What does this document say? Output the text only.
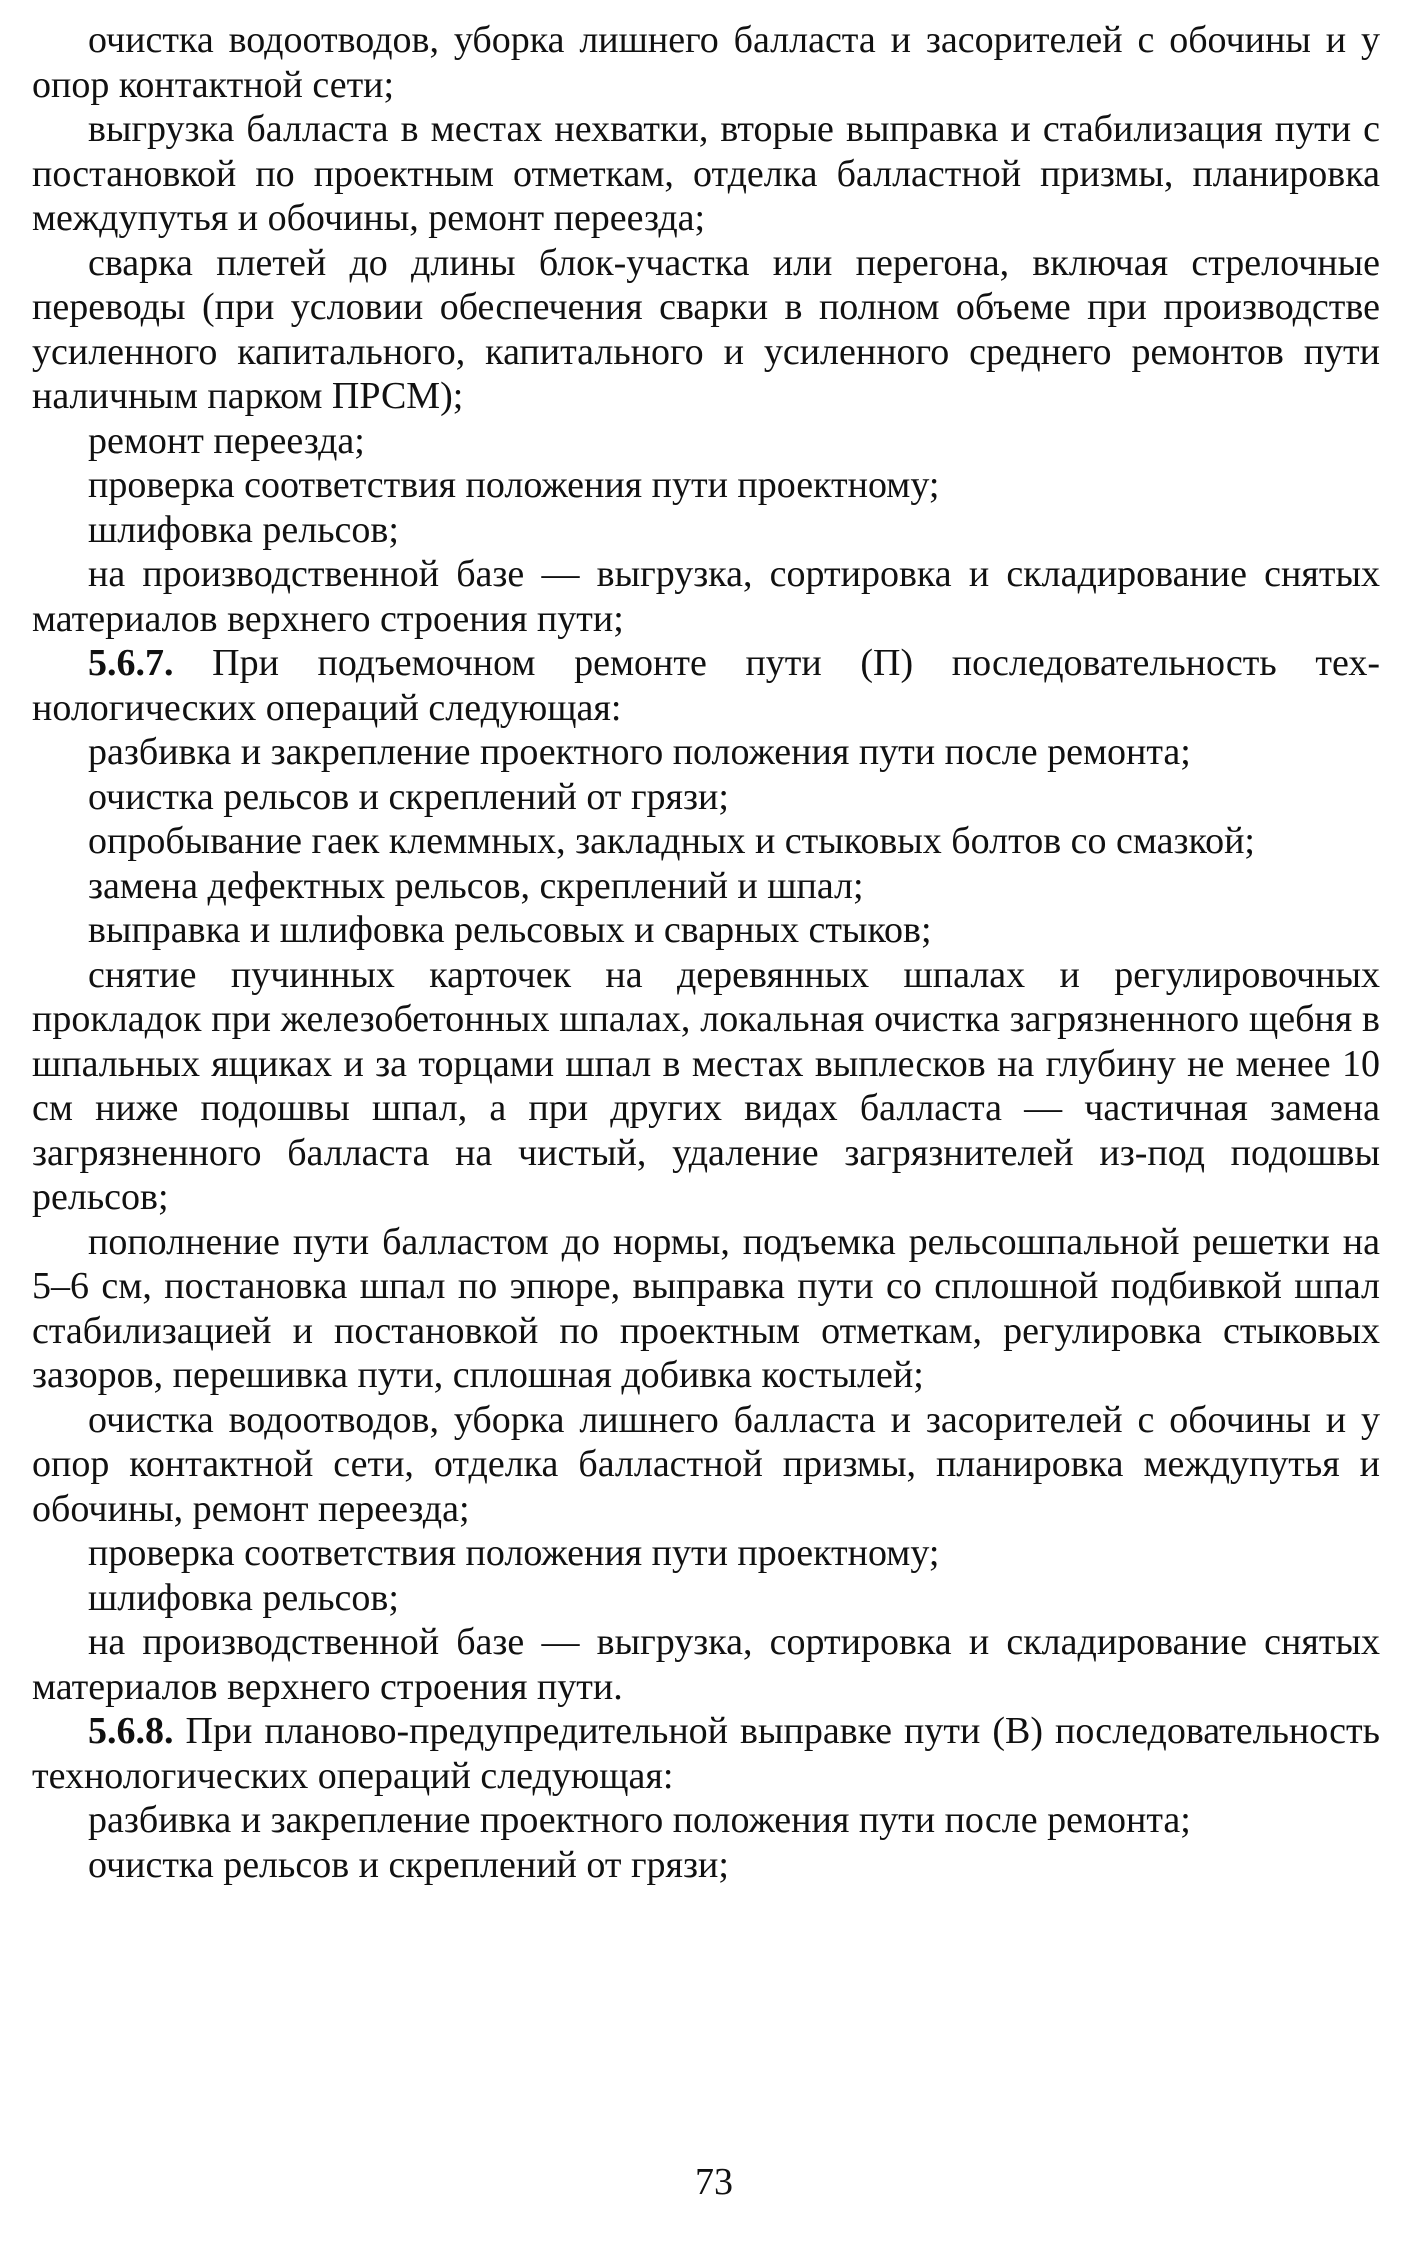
очистка водоотводов, уборка лишнего балласта и засорителей с обочины и у опор контактной сети;

выгрузка балласта в местах нехватки, вторые выправка и стабилизация пути с постановкой по проектным отметкам, отделка балластной призмы, планировка междупутья и обочины, ремонт переезда;

сварка плетей до длины блок-участка или перегона, включая стрелочные переводы (при условии обеспечения сварки в полном объеме при производстве усиленного капитального, капитального и усиленного среднего ремонтов пути наличным парком ПРСМ);

ремонт переезда;

проверка соответствия положения пути проектному;

шлифовка рельсов;

на производственной базе — выгрузка, сортировка и складирование снятых материалов верхнего строения пути;

5.6.7. При подъемочном ремонте пути (П) последовательность технологических операций следующая:

разбивка и закрепление проектного положения пути после ремонта;

очистка рельсов и скреплений от грязи;

опробывание гаек клеммных, закладных и стыковых болтов со смазкой;

замена дефектных рельсов, скреплений и шпал;

выправка и шлифовка рельсовых и сварных стыков;

снятие пучинных карточек на деревянных шпалах и регулировочных прокладок при железобетонных шпалах, локальная очистка загрязненного щебня в шпальных ящиках и за торцами шпал в местах выплесков на глубину не менее 10 см ниже подошвы шпал, а при других видах балласта — частичная замена загрязненного балласта на чистый, удаление загрязнителей из-под подошвы рельсов;

пополнение пути балластом до нормы, подъемка рельсошпальной решетки на 5–6 см, постановка шпал по эпюре, выправка пути со сплошной подбивкой шпал стабилизацией и постановкой по проектным отметкам, регулировка стыковых зазоров, перешивка пути, сплошная добивка костылей;

очистка водоотводов, уборка лишнего балласта и засорителей с обочины и у опор контактной сети, отделка балластной призмы, планировка междупутья и обочины, ремонт переезда;

проверка соответствия положения пути проектному;

шлифовка рельсов;

на производственной базе — выгрузка, сортировка и складирование снятых материалов верхнего строения пути.

5.6.8. При планово-предупредительной выправке пути (В) последовательность технологических операций следующая:

разбивка и закрепление проектного положения пути после ремонта;

очистка рельсов и скреплений от грязи;

73
